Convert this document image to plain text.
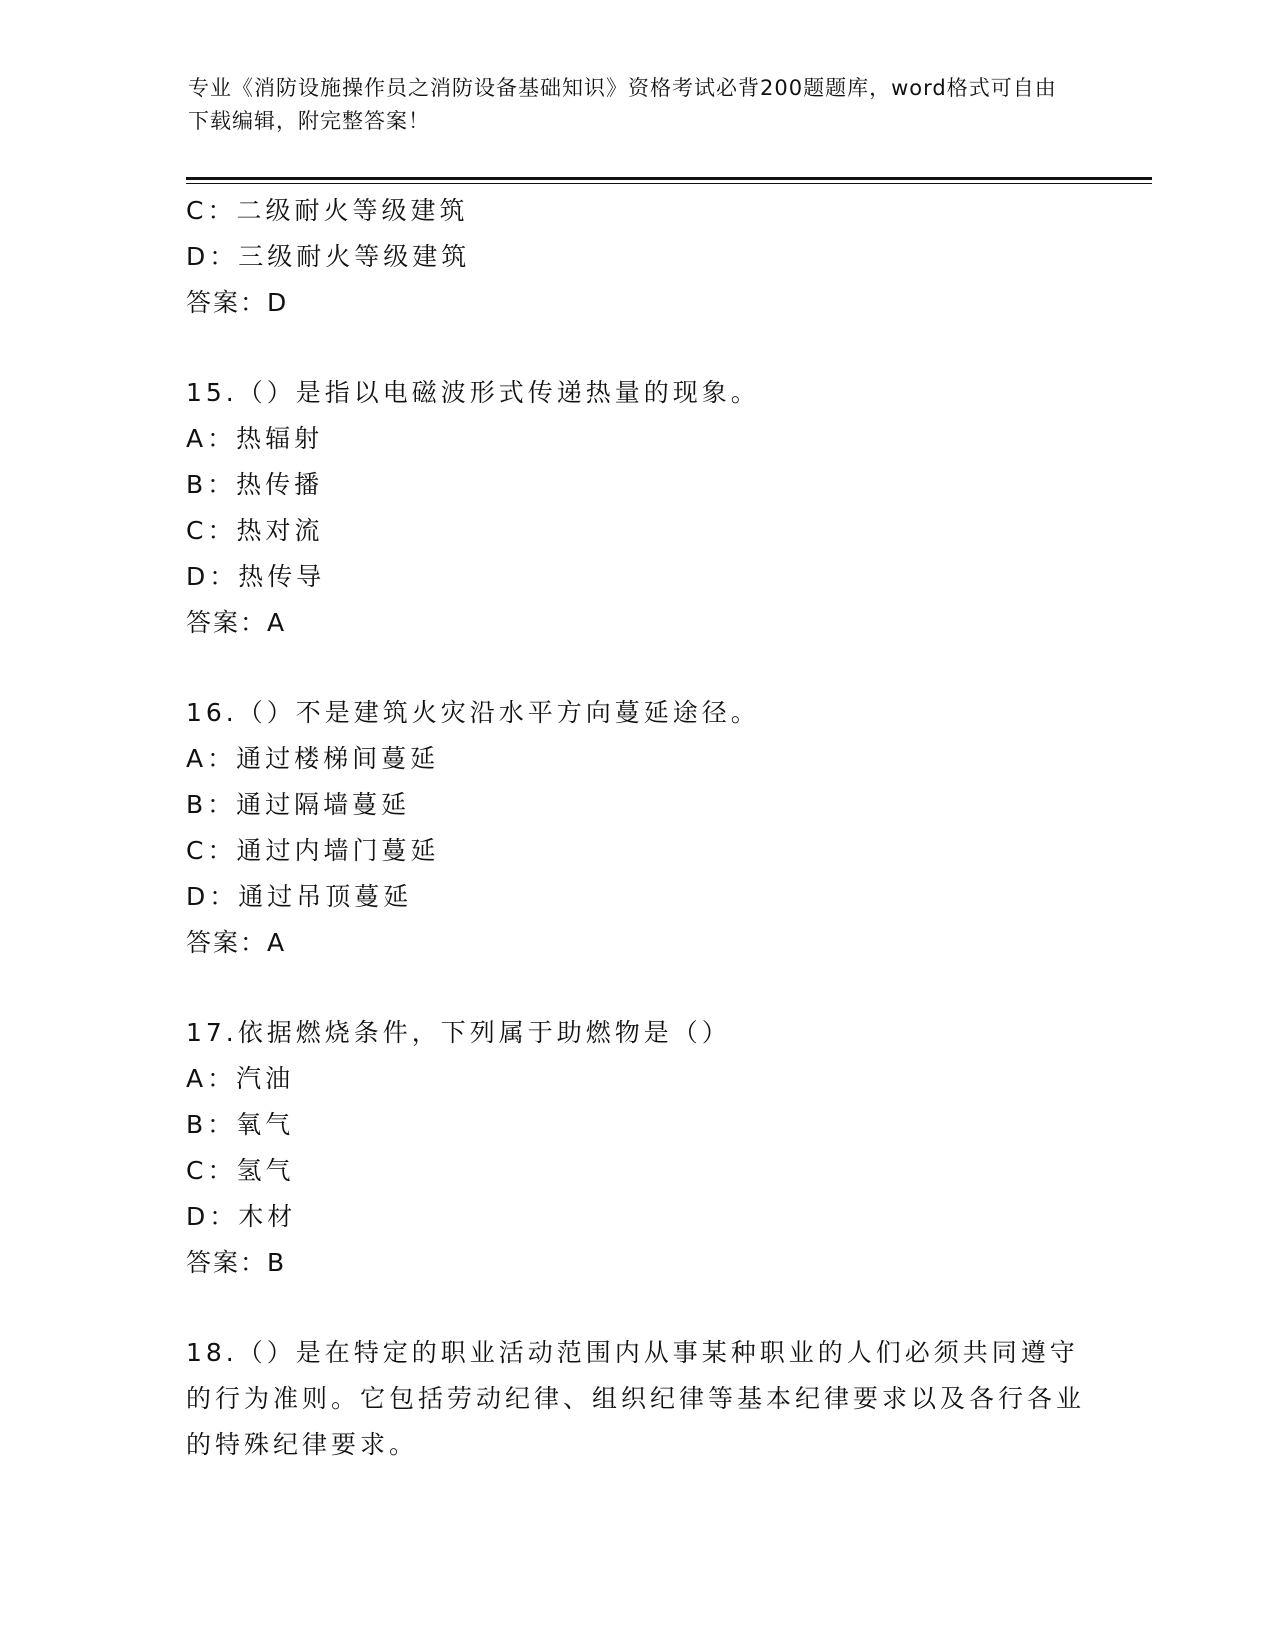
专业《消防设施操作员之消防设备基础知识》资格考试必背200题题库，word格式可自由下载编辑，附完整答案！
C：二级耐火等级建筑
D：三级耐火等级建筑
答案：D
15.（）是指以电磁波形式传递热量的现象。
A：热辐射
B：热传播
C：热对流
D：热传导
答案：A
16.（）不是建筑火灾沿水平方向蔓延途径。
A：通过楼梯间蔓延
B：通过隔墙蔓延
C：通过内墙门蔓延
D：通过吊顶蔓延
答案：A
17.依据燃烧条件，下列属于助燃物是（）
A：汽油
B：氧气
C：氢气
D：木材
答案：B
18.（）是在特定的职业活动范围内从事某种职业的人们必须共同遵守的行为准则。它包括劳动纪律、组织纪律等基本纪律要求以及各行各业的特殊纪律要求。
